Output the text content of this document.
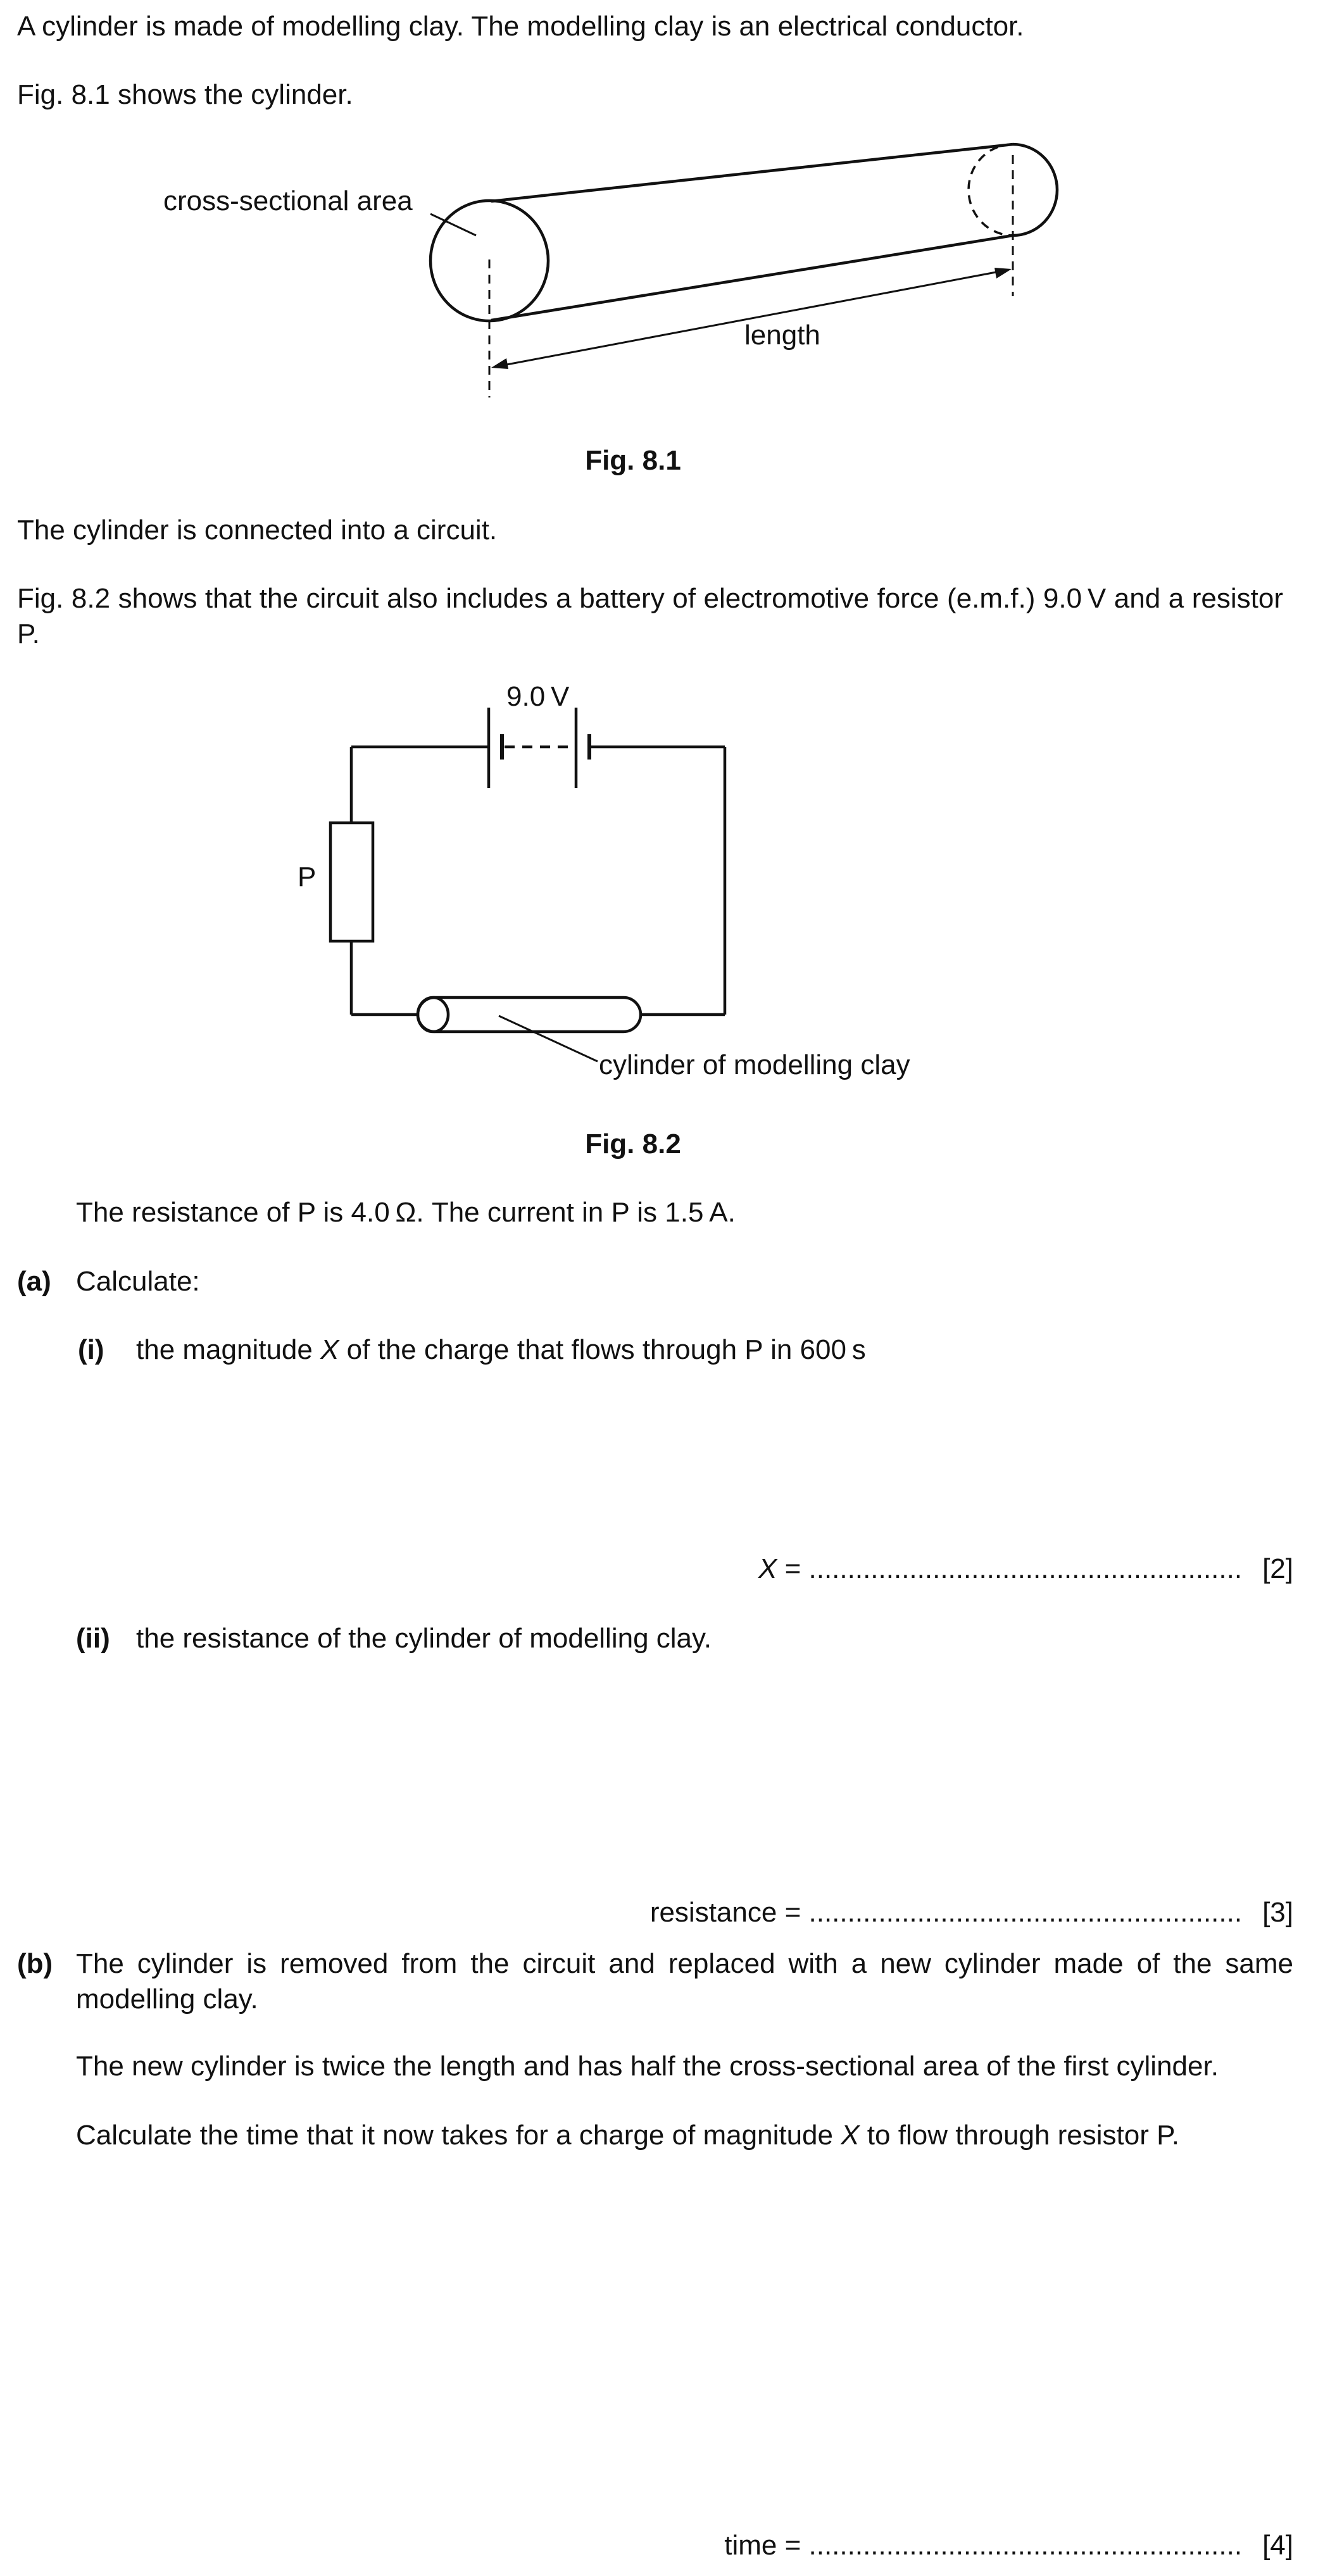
A cylinder is made of modelling clay. The modelling clay is an electrical conductor.
Fig. 8.1 shows the cylinder.
cross-sectional area
length
Fig. 8.1
The cylinder is connected into a circuit.
Fig. 8.2 shows that the circuit also includes a battery of electromotive force (e.m.f.) 9.0 V and a resistor P.
9.0 V
P
cylinder of modelling clay
Fig. 8.2
The resistance of P is 4.0 Ω. The current in P is 1.5 A.
(a) Calculate:
(i) the magnitude X of the charge that flows through P in 600 s
X = ........................................................ [2]
(ii) the resistance of the cylinder of modelling clay.
resistance = ........................................................ [3]
(b) The cylinder is removed from the circuit and replaced with a new cylinder made of the same modelling clay.
The new cylinder is twice the length and has half the cross-sectional area of the first cylinder.
Calculate the time that it now takes for a charge of magnitude X to flow through resistor P.
time = ........................................................ [4]
